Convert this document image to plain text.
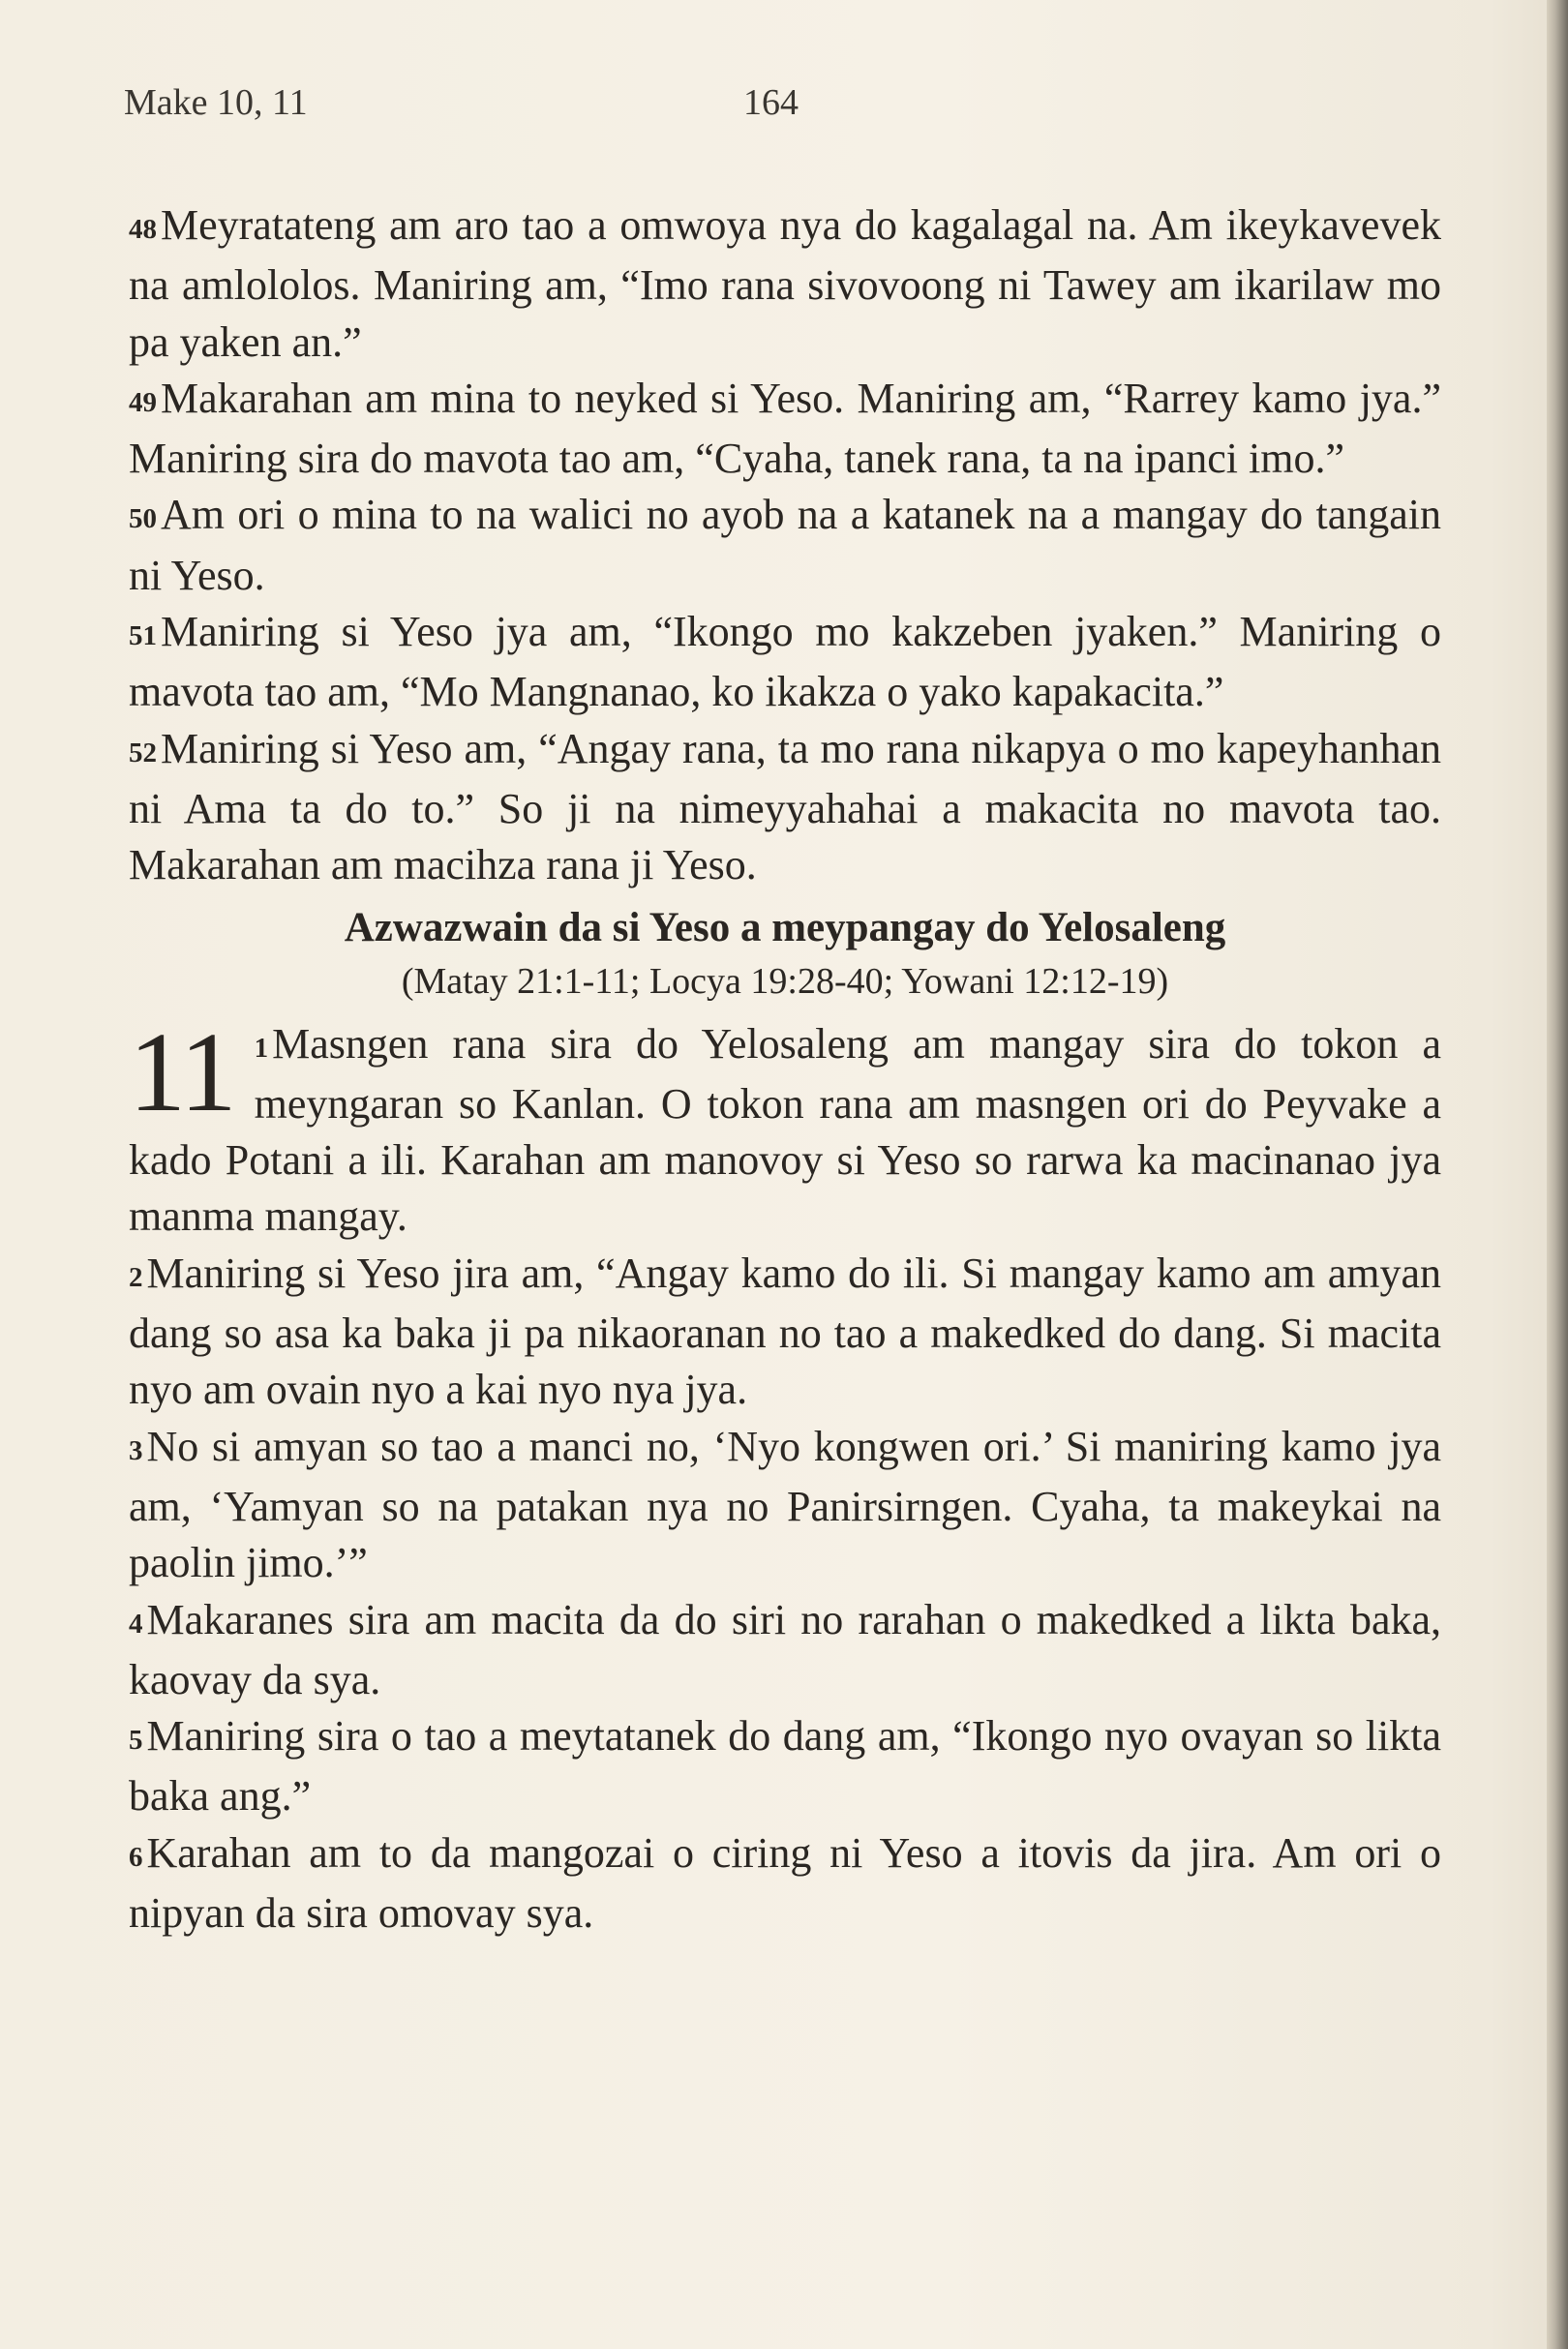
Make 10, 11	164

48Meyratateng am aro tao a omwoya nya do kagalagal na. Am ikeykavevek na amlololos. Maniring am, “Imo rana sivovoong ni Tawey am ikarilaw mo pa yaken an.”

49Makarahan am mina to neyked si Yeso. Maniring am, “Rarrey kamo jya.” Maniring sira do mavota tao am, “Cyaha, tanek rana, ta na ipanci imo.”

50Am ori o mina to na walici no ayob na a katanek na a mangay do tangain ni Yeso.

51Maniring si Yeso jya am, “Ikongo mo kakzeben jyaken.” Maniring o mavota tao am, “Mo Mangnanao, ko ikakza o yako kapakacita.”

52Maniring si Yeso am, “Angay rana, ta mo rana nikapya o mo kapeyhanhan ni Ama ta do to.” So ji na nimeyyahahai a makacita no mavota tao. Makarahan am macihza rana ji Yeso.

Azwazwain da si Yeso a meypangay do Yelosaleng

(Matay 21:1-11; Locya 19:28-40; Yowani 12:12-19)

11 1Masngen rana sira do Yelosaleng am mangay sira do tokon a meyngaran so Kanlan. O tokon rana am masngen ori do Peyvake a kado Potani a ili. Karahan am manovoy si Yeso so rarwa ka macinanao jya manma mangay.

2Maniring si Yeso jira am, “Angay kamo do ili. Si mangay kamo am amyan dang so asa ka baka ji pa nikaoranan no tao a makedked do dang. Si macita nyo am ovain nyo a kai nyo nya jya.

3No si amyan so tao a manci no, ‘Nyo kongwen ori.’ Si maniring kamo jya am, ‘Yamyan so na patakan nya no Panirsirngen. Cyaha, ta makeykai na paolin jimo.’”

4Makaranes sira am macita da do siri no rarahan o makedked a likta baka, kaovay da sya.

5Maniring sira o tao a meytatanek do dang am, “Ikongo nyo ovayan so likta baka ang.”

6Karahan am to da mangozai o ciring ni Yeso a itovis da jira. Am ori o nipyan da sira omovay sya.
